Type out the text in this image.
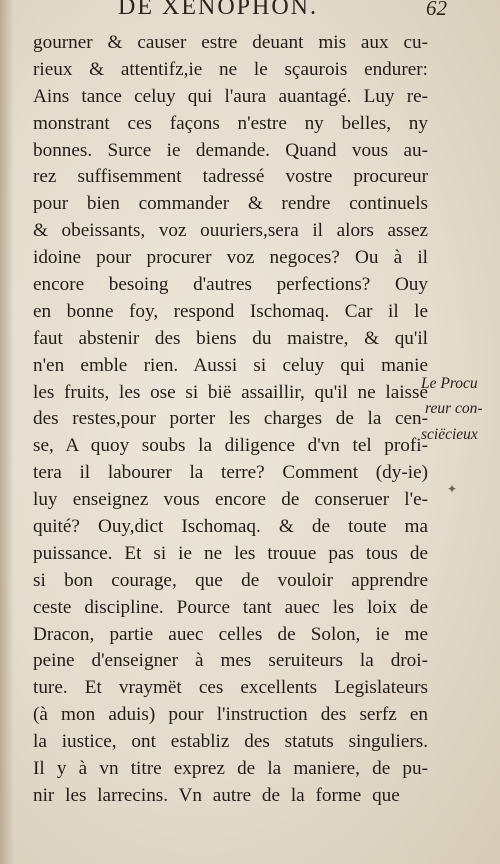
DE XENOPHON.	62
gourner & causer estre deuant mis aux cu-
rieux & attentifz,ie ne le sçaurois endurer:
Ains tance celuy qui l'aura auantagé. Luy re-
monstrant ces façons n'estre ny belles, ny
bonnes. Surce ie demande. Quand vous au-
rez suffisemment tadressé vostre procureur
pour bien commander & rendre continuels
& obeissants, voz ouuriers,sera il alors assez
idoine pour procurer voz negoces? Ou à il
encore besoing d'autres perfections? Ouy
en bonne foy, respond Ischomaq. Car il le
faut abstenir des biens du maistre, & qu'il
n'en emble rien. Aussi si celuy qui manie
les fruits, les ose si bië assaillir, qu'il ne laisse
des restes,pour porter les charges de la cen-
se, A quoy soubs la diligence d'vn tel profi-
tera il labourer la terre? Comment (dy-ie)
luy enseignez vous encore de conseruer l'e-
quité? Ouy,dict Ischomaq. & de toute ma
puissance. Et si ie ne les trouue pas tous de
si bon courage, que de vouloir apprendre
ceste discipline. Pource tant auec les loix de
Dracon, partie auec celles de Solon, ie me
peine d'enseigner à mes seruiteurs la droi-
ture. Et vraymët ces excellents Legislateurs
(à mon aduis) pour l'instruction des serfz en
la iustice, ont establiz des statuts singuliers.
Il y à vn titre exprez de la maniere, de pu-
nir les larrecins. Vn autre de la forme que
Le Procu
reur con-
sciëcieux
✦
